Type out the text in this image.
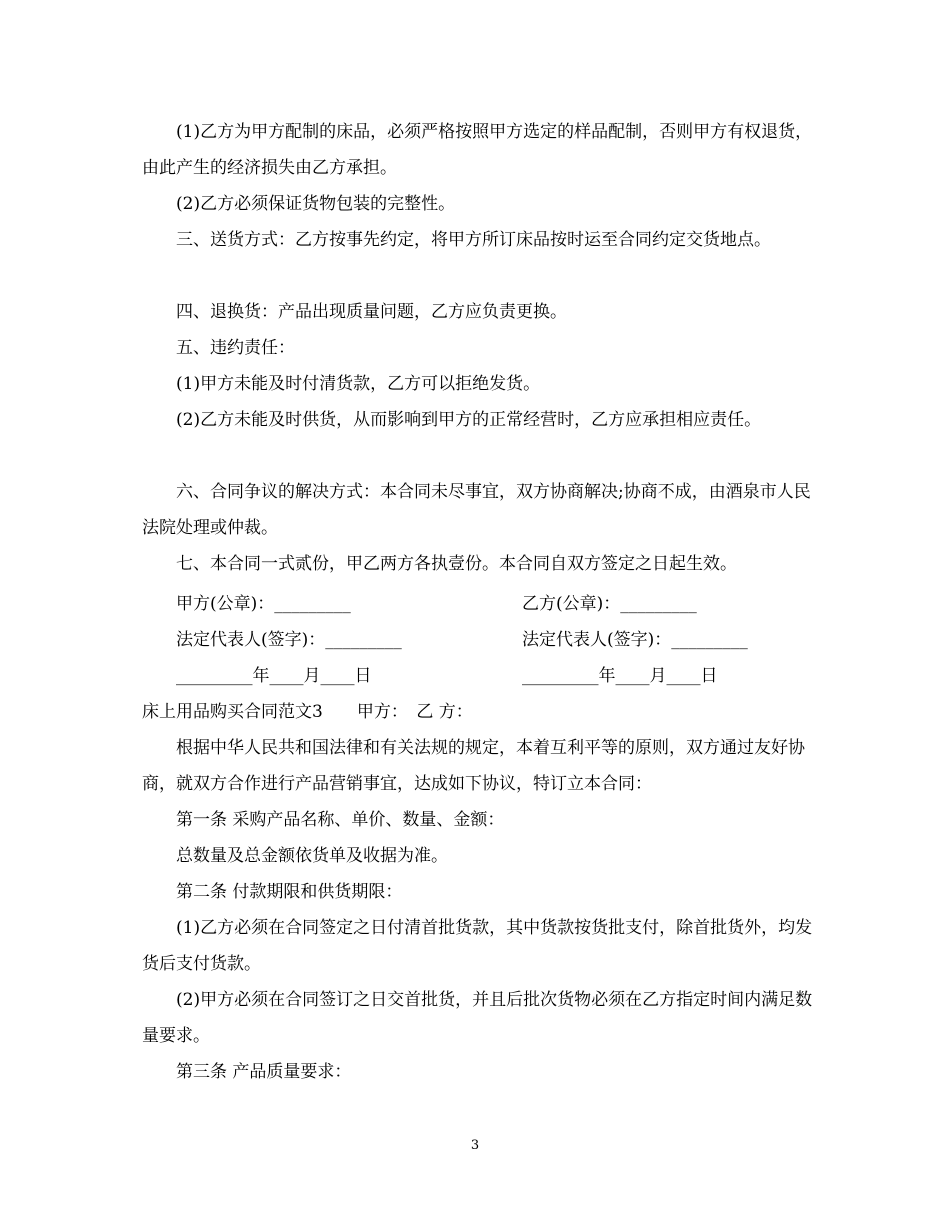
(1)乙方为甲方配制的床品，必须严格按照甲方选定的样品配制，否则甲方有权退货，由此产生的经济损失由乙方承担。

(2)乙方必须保证货物包装的完整性。

三、送货方式：乙方按事先约定，将甲方所订床品按时运至合同约定交货地点。

四、退换货：产品出现质量问题，乙方应负责更换。

五、违约责任：

(1)甲方未能及时付清货款，乙方可以拒绝发货。

(2)乙方未能及时供货，从而影响到甲方的正常经营时，乙方应承担相应责任。

六、合同争议的解决方式：本合同未尽事宜，双方协商解决;协商不成，由酒泉市人民法院处理或仲裁。

七、本合同一式贰份，甲乙两方各执壹份。本合同自双方签定之日起生效。

甲方(公章)：_________	乙方(公章)：_________
法定代表人(签字)：_________	法定代表人(签字)：_________
_________年____月____日	_________年____月____日
床上用品购买合同范文3　　甲方：　乙 方：

根据中华人民共和国法律和有关法规的规定，本着互利平等的原则，双方通过友好协商，就双方合作进行产品营销事宜，达成如下协议，特订立本合同：

第一条 采购产品名称、单价、数量、金额：

总数量及总金额依货单及收据为准。

第二条 付款期限和供货期限：

(1)乙方必须在合同签定之日付清首批货款，其中货款按货批支付，除首批货外，均发货后支付货款。

(2)甲方必须在合同签订之日交首批货，并且后批次货物必须在乙方指定时间内满足数量要求。

第三条 产品质量要求：

3
